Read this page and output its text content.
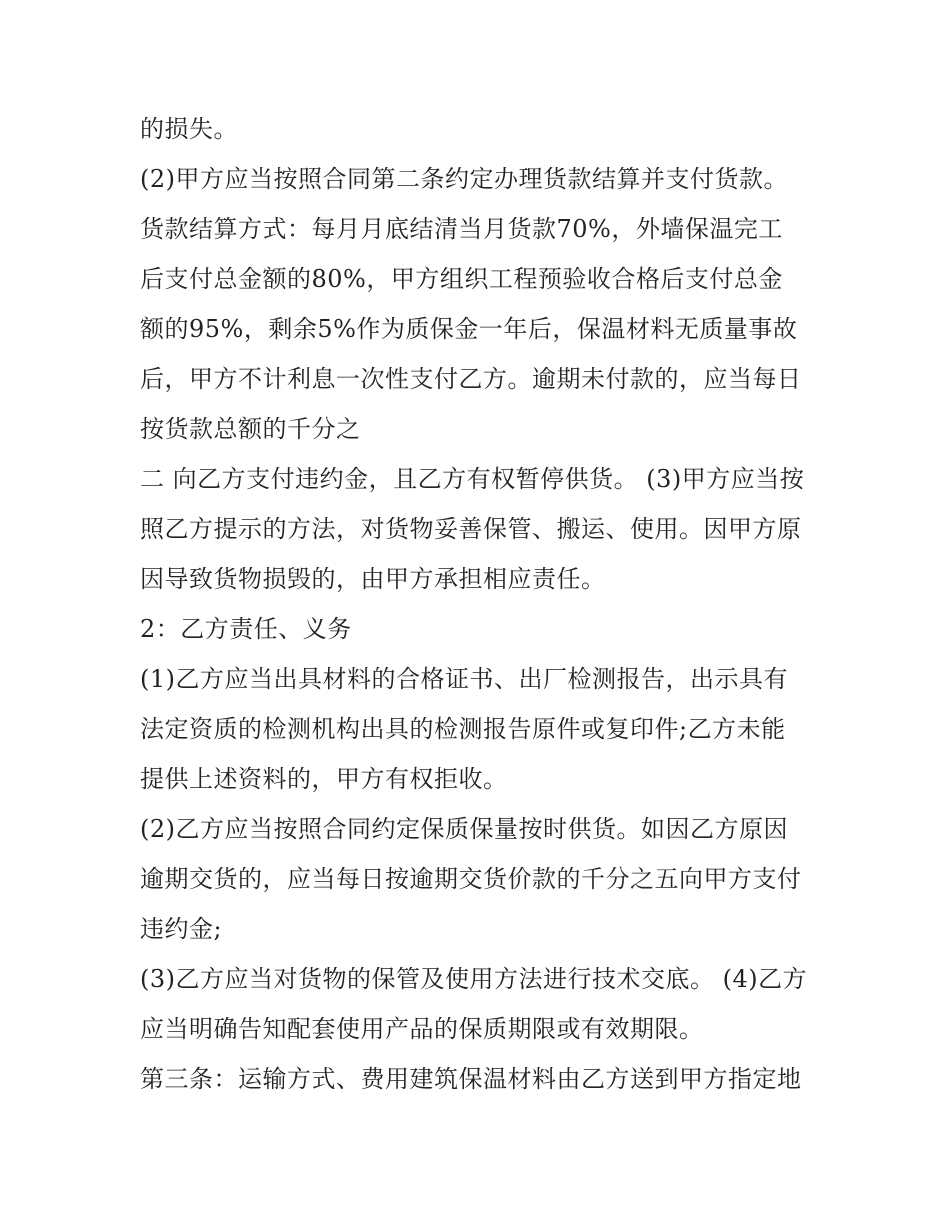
的损失。

(2)甲方应当按照合同第二条约定办理货款结算并支付货款。

货款结算方式：每月月底结清当月货款70%，外墙保温完工

后支付总金额的80%，甲方组织工程预验收合格后支付总金

额的95%，剩余5%作为质保金一年后，保温材料无质量事故

后，甲方不计利息一次性支付乙方。逾期未付款的，应当每日

按货款总额的千分之

二 向乙方支付违约金，且乙方有权暂停供货。 (3)甲方应当按

照乙方提示的方法，对货物妥善保管、搬运、使用。因甲方原

因导致货物损毁的，由甲方承担相应责任。

2：乙方责任、义务

(1)乙方应当出具材料的合格证书、出厂检测报告，出示具有

法定资质的检测机构出具的检测报告原件或复印件;乙方未能

提供上述资料的，甲方有权拒收。

(2)乙方应当按照合同约定保质保量按时供货。如因乙方原因

逾期交货的，应当每日按逾期交货价款的千分之五向甲方支付

违约金;

(3)乙方应当对货物的保管及使用方法进行技术交底。 (4)乙方

应当明确告知配套使用产品的保质期限或有效期限。

第三条：运输方式、费用建筑保温材料由乙方送到甲方指定地
